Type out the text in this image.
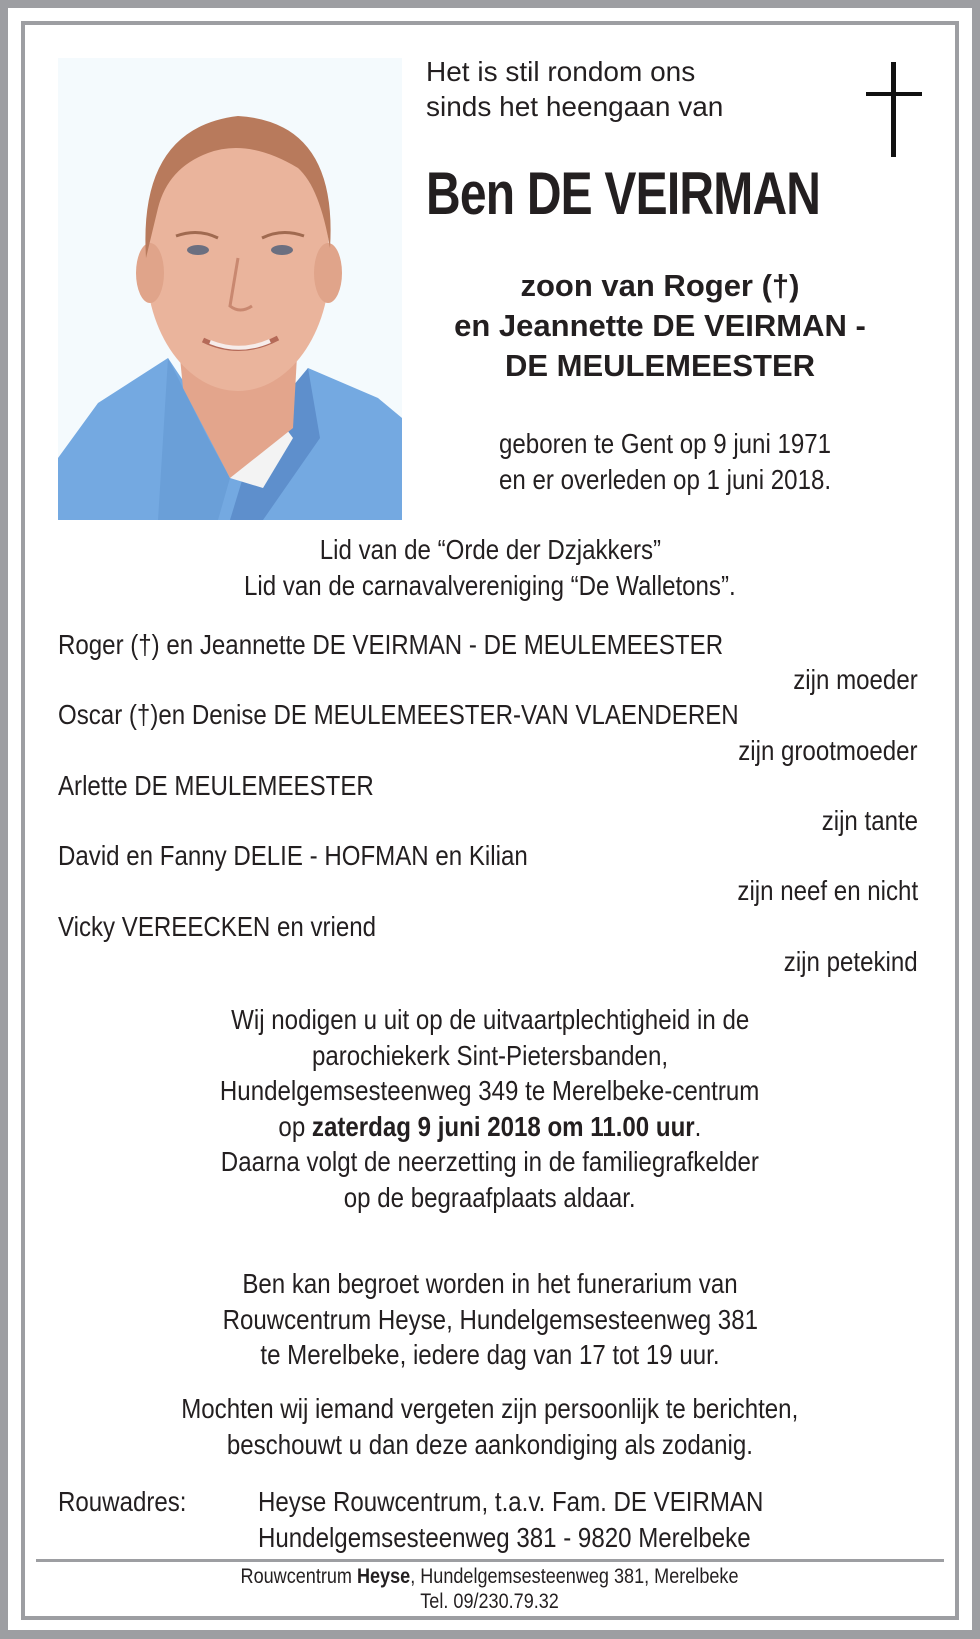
Het is stil rondom ons
sinds het heengaan van
Ben DE VEIRMAN
zoon van Roger (†)
en Jeannette DE VEIRMAN -
DE MEULEMEESTER
geboren te Gent op 9 juni 1971
en er overleden op 1 juni 2018.
Lid van de “Orde der Dzjakkers”
Lid van de carnavalvereniging “De Walletons”.
Roger (†) en Jeannette DE VEIRMAN - DE MEULEMEESTER
zijn moeder
Oscar (†)en Denise DE MEULEMEESTER-VAN VLAENDEREN
zijn grootmoeder
Arlette DE MEULEMEESTER
zijn tante
David en Fanny DELIE - HOFMAN en Kilian
zijn neef en nicht
Vicky VEREECKEN en vriend
zijn petekind
Wij nodigen u uit op de uitvaartplechtigheid in de
parochiekerk Sint-Pietersbanden,
Hundelgemsesteenweg 349 te Merelbeke-centrum
op zaterdag 9 juni 2018 om 11.00 uur.
Daarna volgt de neerzetting in de familiegrafkelder
op de begraafplaats aldaar.
Ben kan begroet worden in het funerarium van
Rouwcentrum Heyse, Hundelgemsesteenweg 381
te Merelbeke, iedere dag van 17 tot 19 uur.
Mochten wij iemand vergeten zijn persoonlijk te berichten,
beschouwt u dan deze aankondiging als zodanig.
Rouwadres:	Heyse Rouwcentrum, t.a.v. Fam. DE VEIRMAN
Hundelgemsesteenweg 381 - 9820 Merelbeke
Rouwcentrum Heyse, Hundelgemsesteenweg 381, Merelbeke
Tel. 09/230.79.32
